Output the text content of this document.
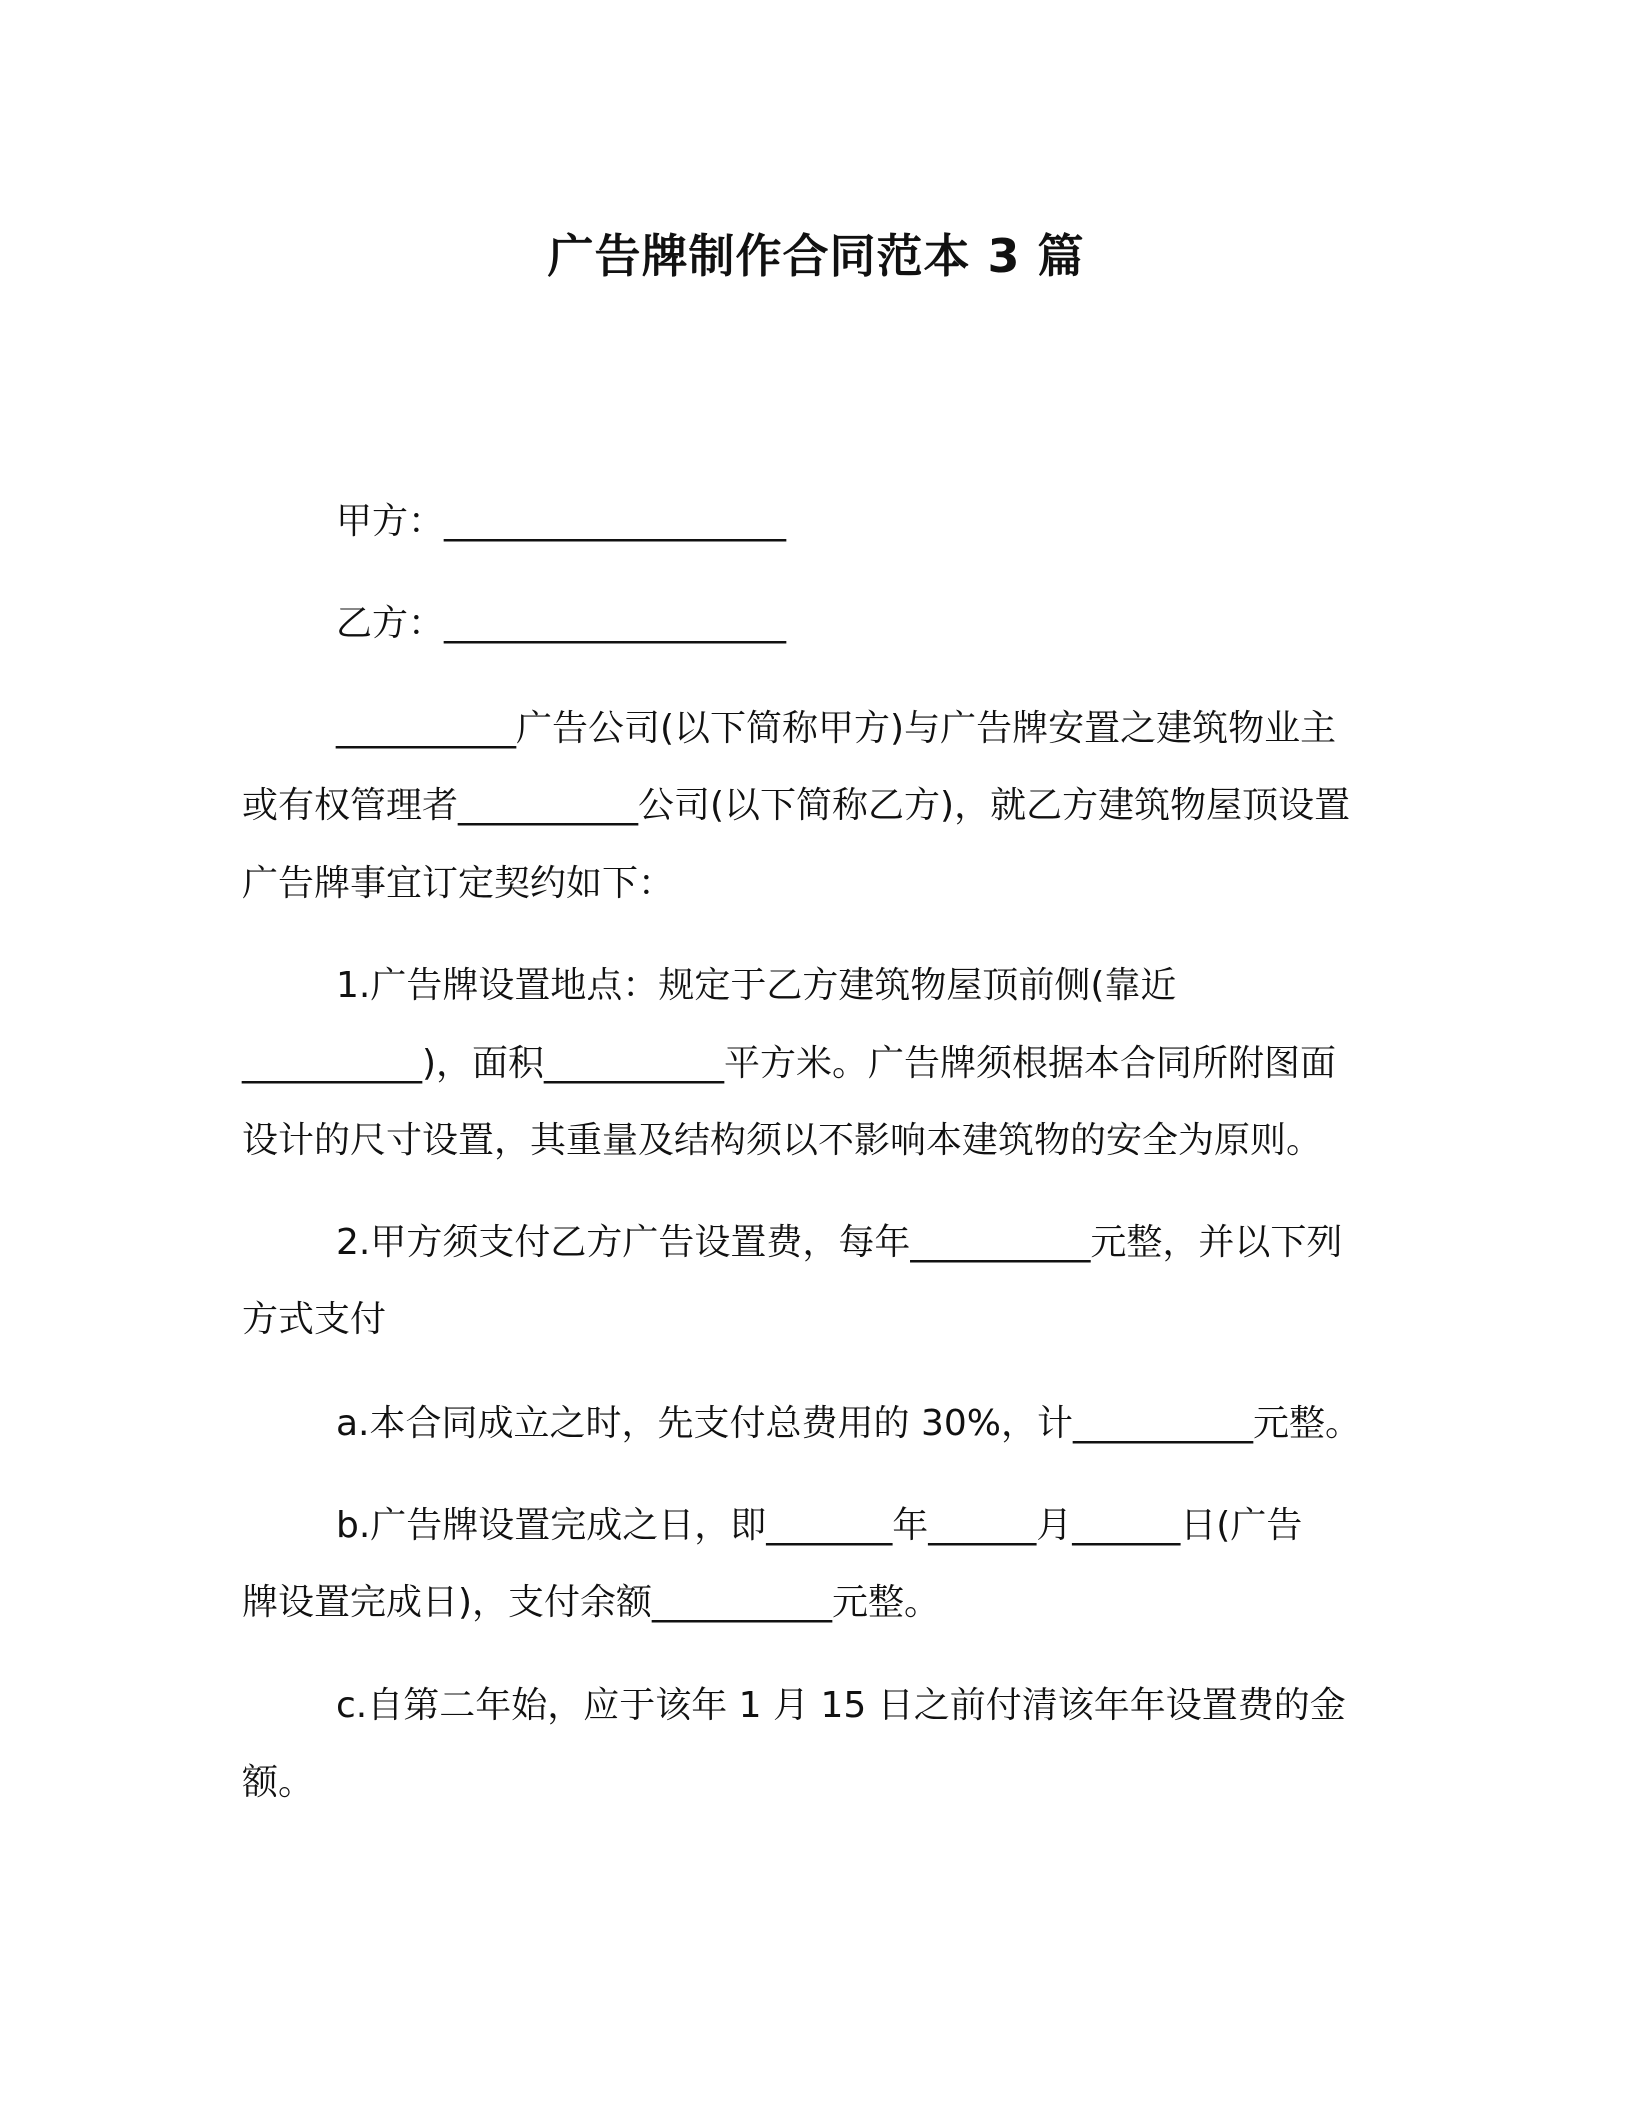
广告牌制作合同范本 3 篇

甲方：___________________

乙方：___________________

__________广告公司(以下简称甲方)与广告牌安置之建筑物业主

或有权管理者__________公司(以下简称乙方)，就乙方建筑物屋顶设置

广告牌事宜订定契约如下：

1.广告牌设置地点：规定于乙方建筑物屋顶前侧(靠近

__________)，面积__________平方米。广告牌须根据本合同所附图面

设计的尺寸设置，其重量及结构须以不影响本建筑物的安全为原则。

2.甲方须支付乙方广告设置费，每年__________元整，并以下列

方式支付

a.本合同成立之时，先支付总费用的 30%，计__________元整。

b.广告牌设置完成之日，即_______年______月______日(广告

牌设置完成日)，支付余额__________元整。

c.自第二年始，应于该年 1 月 15 日之前付清该年年设置费的金

额。
